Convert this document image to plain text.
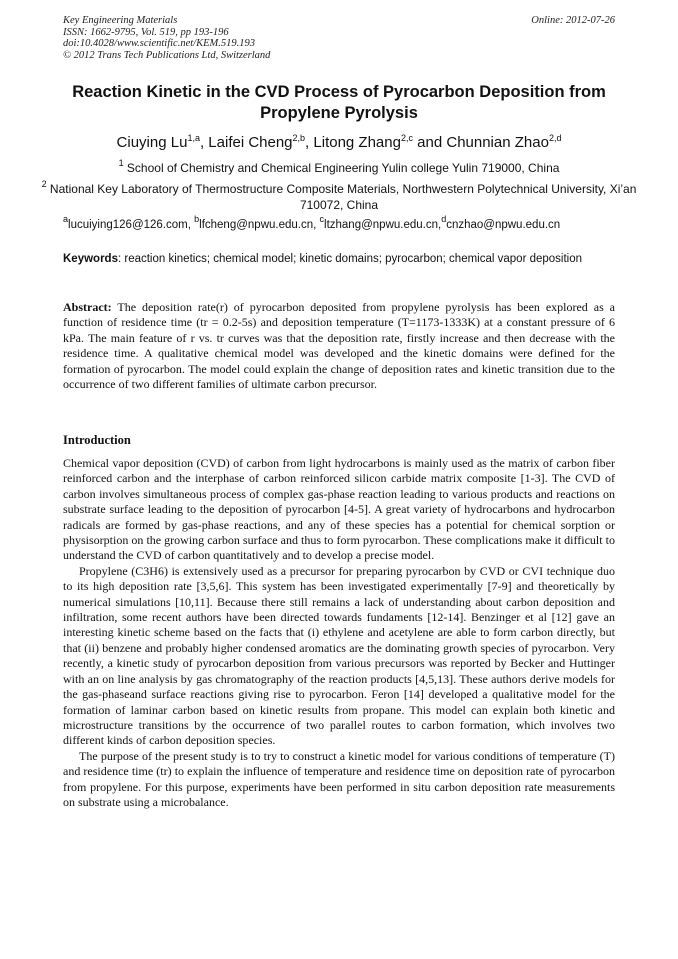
Key Engineering Materials
ISSN: 1662-9795, Vol. 519, pp 193-196
doi:10.4028/www.scientific.net/KEM.519.193
© 2012 Trans Tech Publications Ltd, Switzerland
Online: 2012-07-26
Reaction Kinetic in the CVD Process of Pyrocarbon Deposition from Propylene Pyrolysis
Ciuying Lu$^{1,a}$, Laifei Cheng$^{2,b}$, Litong Zhang$^{2,c}$ and Chunnian Zhao$^{2,d}$
$^1$ School of Chemistry and Chemical Engineering Yulin college Yulin 719000, China
$^2$ National Key Laboratory of Thermostructure Composite Materials, Northwestern Polytechnical University, Xi’an 710072, China
$^a$lucuiying126@126.com, $^b$lfcheng@npwu.edu.cn, $^c$ltzhang@npwu.edu.cn,$^d$cnzhao@npwu.edu.cn
Keywords: reaction kinetics; chemical model; kinetic domains; pyrocarbon; chemical vapor deposition
Abstract: The deposition rate(r) of pyrocarbon deposited from propylene pyrolysis has been explored as a function of residence time (tr = 0.2-5s) and deposition temperature (T=1173-1333K) at a constant pressure of 6 kPa. The main feature of r vs. tr curves was that the deposition rate, firstly increase and then decrease with the residence time. A qualitative chemical model was developed and the kinetic domains were defined for the formation of pyrocarbon. The model could explain the change of deposition rates and kinetic transition due to the occurrence of two different families of ultimate carbon precursor.
Introduction

Chemical vapor deposition (CVD) of carbon from light hydrocarbons is mainly used as the matrix of carbon fiber reinforced carbon and the interphase of carbon reinforced silicon carbide matrix composite [1-3]. The CVD of carbon involves simultaneous process of complex gas-phase reaction leading to various products and reactions on substrate surface leading to the deposition of pyrocarbon [4-5]. A great variety of hydrocarbons and hydrocarbon radicals are formed by gas-phase reactions, and any of these species has a potential for chemical sorption or physisorption on the growing carbon surface and thus to form pyrocarbon. These complications make it difficult to understand the CVD of carbon quantitatively and to develop a precise model.

Propylene (C3H6) is extensively used as a precursor for preparing pyrocarbon by CVD or CVI technique duo to its high deposition rate [3,5,6]. This system has been investigated experimentally [7-9] and theoretically by numerical simulations [10,11]. Because there still remains a lack of understanding about carbon deposition and infiltration, some recent authors have been directed towards fundaments [12-14]. Benzinger et al [12] gave an interesting kinetic scheme based on the facts that (i) ethylene and acetylene are able to form carbon directly, but that (ii) benzene and probably higher condensed aromatics are the dominating growth species of pyrocarbon. Very recently, a kinetic study of pyrocarbon deposition from various precursors was reported by Becker and Huttinger with an on line analysis by gas chromatography of the reaction products [4,5,13]. These authors derive models for the gas-phaseand surface reactions giving rise to pyrocarbon. Feron [14] developed a qualitative model for the formation of laminar carbon based on kinetic results from propane. This model can explain both kinetic and microstructure transitions by the occurrence of two parallel routes to carbon formation, which involves two different kinds of carbon deposition species.

The purpose of the present study is to try to construct a kinetic model for various conditions of temperature (T) and residence time (tr) to explain the influence of temperature and residence time on deposition rate of pyrocarbon from propylene. For this purpose, experiments have been performed in situ carbon deposition rate measurements on substrate using a microbalance.
